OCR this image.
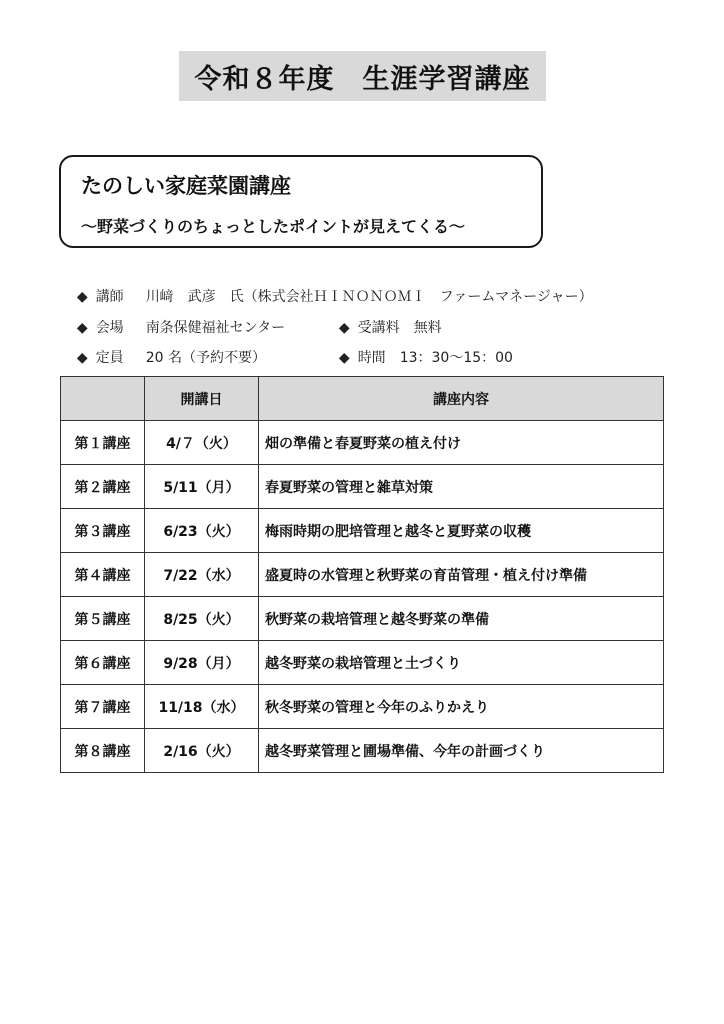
令和８年度　生涯学習講座
たのしい家庭菜園講座
～野菜づくりのちょっとしたポイントが見えてくる～

◆ 講師 川﨑　武彦　氏（株式会社ＨＩＮＯＮＯＭＩ　ファームマネージャー）

◆ 会場 南条保健福祉センター	◆ 受講料 無料

◆ 定員 20 名（予約不要）	◆ 時間 13：30～15：00

	開講日	講座内容
第１講座	4/７（火）	畑の準備と春夏野菜の植え付け
第２講座	5/11（月）	春夏野菜の管理と雑草対策
第３講座	6/23（火）	梅雨時期の肥培管理と越冬と夏野菜の収穫
第４講座	7/22（水）	盛夏時の水管理と秋野菜の育苗管理・植え付け準備
第５講座	8/25（火）	秋野菜の栽培管理と越冬野菜の準備
第６講座	9/28（月）	越冬野菜の栽培管理と土づくり
第７講座	11/18（水）	秋冬野菜の管理と今年のふりかえり
第８講座	2/16（火）	越冬野菜管理と圃場準備、今年の計画づくり
